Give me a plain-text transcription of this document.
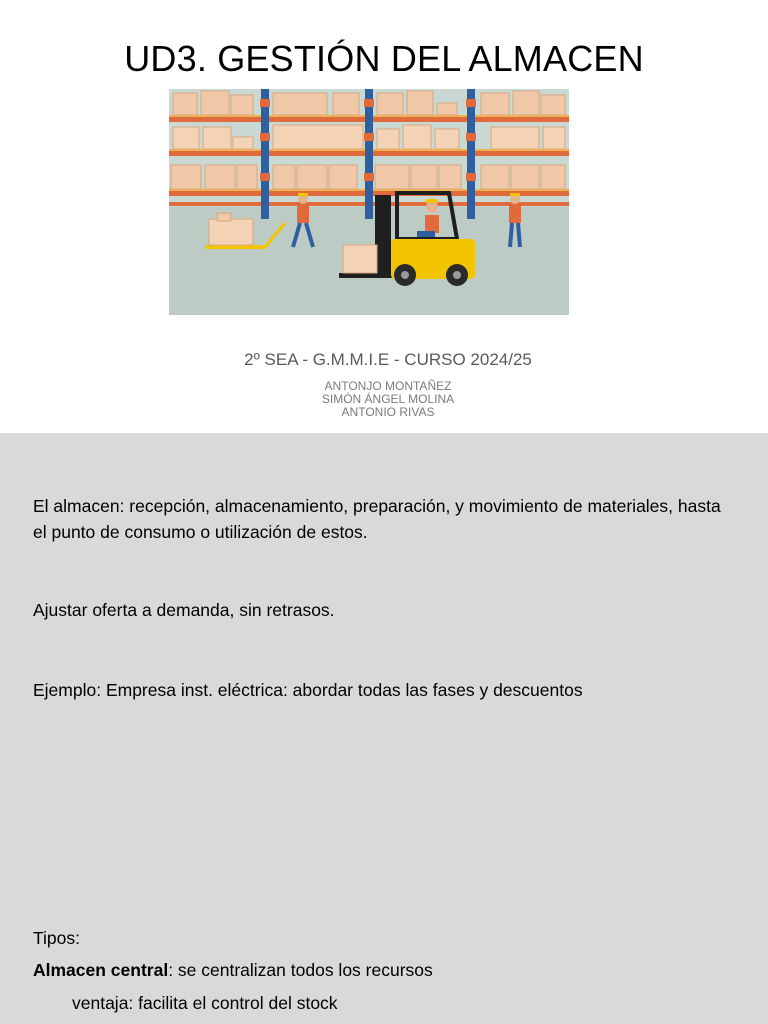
UD3. GESTIÓN DEL ALMACEN
2º SEA - G.M.M.I.E - CURSO 2024/25
ANTONJO MONTAÑEZ
SIMÓN ÁNGEL MOLINA
ANTONIO RIVAS
El almacen: recepción, almacenamiento, preparación, y movimiento de materiales, hasta el punto de consumo o utilización de estos.
Ajustar oferta a demanda, sin retrasos.
Ejemplo: Empresa inst. eléctrica: abordar todas las fases y descuentos
Tipos:
Almacen central: se centralizan todos los recursos
ventaja: facilita el control del stock
